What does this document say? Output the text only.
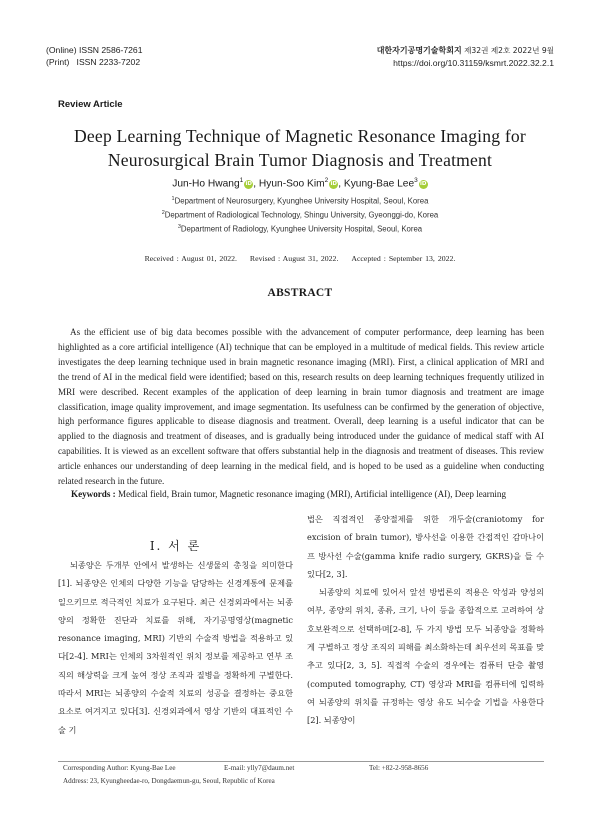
(Online) ISSN 2586-7261
(Print)   ISSN 2233-7202
대한자기공명기술학회지 제32권 제2호 2022년 9월
https://doi.org/10.31159/ksmrt.2022.32.2.1
Review Article
Deep Learning Technique of Magnetic Resonance Imaging for
Neurosurgical Brain Tumor Diagnosis and Treatment
Jun-Ho Hwang$^1$iD, Hyun-Soo Kim$^2$iD, Kyung-Bae Lee$^3$iD
$^1$Department of Neurosurgery, Kyunghee University Hospital, Seoul, Korea
$^2$Department of Radiological Technology, Shingu University, Gyeonggi-do, Korea
$^3$Department of Radiology, Kyunghee University Hospital, Seoul, Korea
Received : August 01, 2022. Revised : August 31, 2022. Accepted : September 13, 2022.
ABSTRACT
As the efficient use of big data becomes possible with the advancement of computer performance, deep learning has been highlighted as a core artificial intelligence (AI) technique that can be employed in a multitude of medical fields. This review article investigates the deep learning technique used in brain magnetic resonance imaging (MRI). First, a clinical application of MRI and the trend of AI in the medical field were identified; based on this, research results on deep learning techniques frequently utilized in MRI were described. Recent examples of the application of deep learning in brain tumor diagnosis and treatment are image classification, image quality improvement, and image segmentation. Its usefulness can be confirmed by the generation of objective, high performance figures applicable to disease diagnosis and treatment. Overall, deep learning is a useful indicator that can be applied to the diagnosis and treatment of diseases, and is gradually being introduced under the guidance of medical staff with AI capabilities. It is viewed as an excellent software that offers substantial help in the diagnosis and treatment of diseases. This review article enhances our understanding of deep learning in the medical field, and is hoped to be used as a guideline when conducting related research in the future.
Keywords : Medical field, Brain tumor, Magnetic resonance imaging (MRI), Artificial intelligence (AI), Deep learning
Ⅰ. 서 론

뇌종양은 두개부 안에서 발생하는 신생물의 총칭을 의미한다[1]. 뇌종양은 인체의 다양한 기능을 담당하는 신경계통에 문제를 일으키므로 적극적인 치료가 요구된다. 최근 신경외과에서는 뇌종양의 정확한 진단과 치료를 위해, 자기공명영상(magnetic resonance imaging, MRI) 기반의 수술적 방법을 적용하고 있다[2-4]. MRI는 인체의 3차원적인 위치 정보를 제공하고 연부 조직의 해상력을 크게 높여 정상 조직과 질병을 정확하게 구별한다. 따라서 MRI는 뇌종양의 수술적 치료의 성공을 결정하는 중요한 요소로 여겨지고 있다[3]. 신경외과에서 영상 기반의 대표적인 수술 기

법은 직접적인 종양절제를 위한 개두술(craniotomy for excision of brain tumor), 방사선을 이용한 간접적인 감마나이프 방사선 수술(gamma knife radio surgery, GKRS)을 들 수 있다[2, 3].

뇌종양의 치료에 있어서 앞선 방법론의 적용은 악성과 양성의 여부, 종양의 위치, 종류, 크기, 나이 등을 종합적으로 고려하여 상호보완적으로 선택하며[2-8], 두 가지 방법 모두 뇌종양을 정확하게 구별하고 정상 조직의 피해를 최소화하는데 최우선의 목표를 맞추고 있다[2, 3, 5]. 직접적 수술의 경우에는 컴퓨터 단층 촬영(computed tomography, CT) 영상과 MRI를 컴퓨터에 입력하여 뇌종양의 위치를 규정하는 영상 유도 뇌수술 기법을 사용한다[2]. 뇌종양이

Corresponding Author: Kyung-Bae Lee	E-mail: ylly7@daum.net	Tel: +82-2-958-8656
Address: 23, Kyungheedae-ro, Dongdaemun-gu, Seoul, Republic of Korea
